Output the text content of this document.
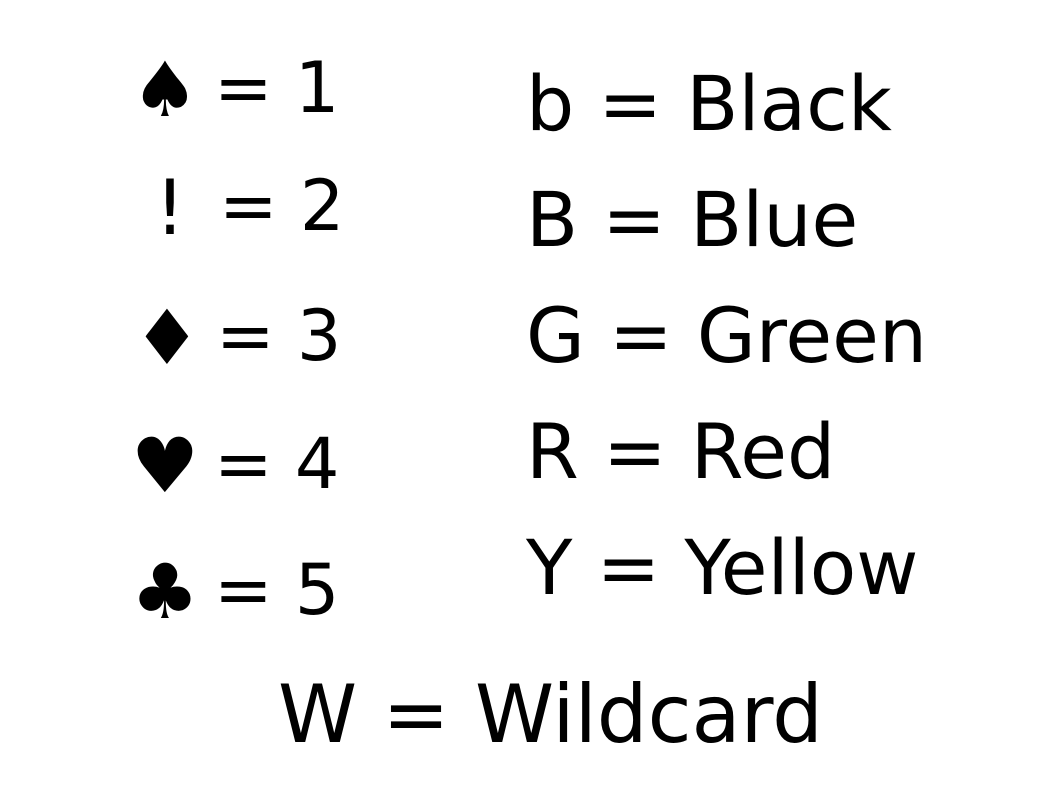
♠ = 1
! = 2
♦ = 3
♥ = 4
♣ = 5
b = Black
B = Blue
G = Green
R = Red
Y = Yellow
W = Wildcard
